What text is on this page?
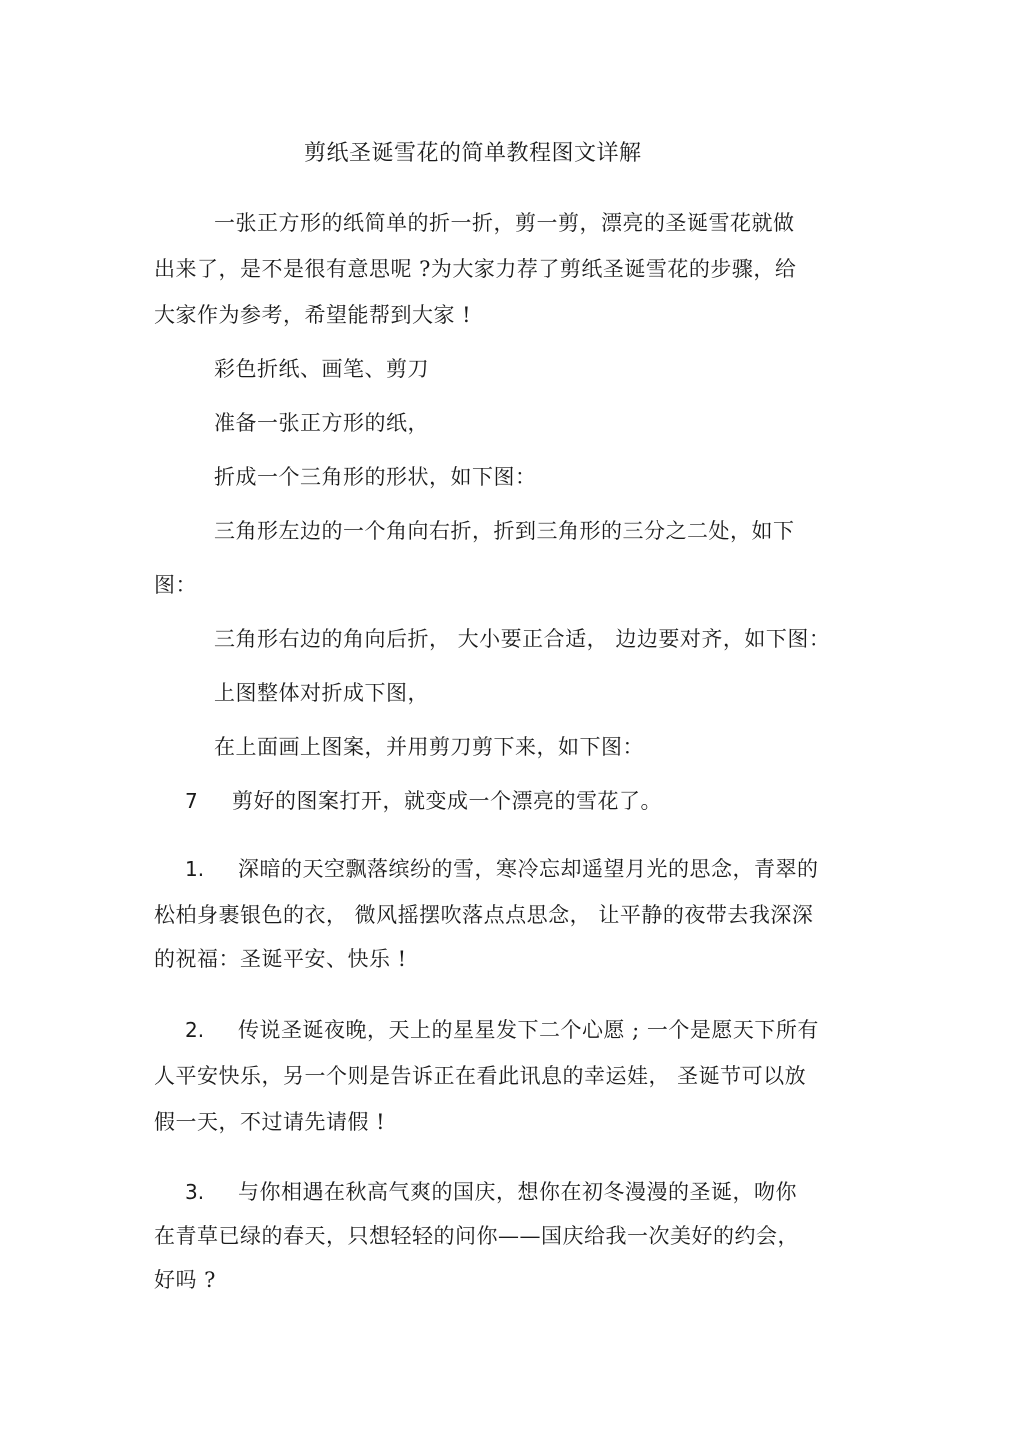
剪纸圣诞雪花的简单教程图文详解
一张正方形的纸简单的折一折，剪一剪，漂亮的圣诞雪花就做
出来了，是不是很有意思呢 ?为大家力荐了剪纸圣诞雪花的步骤，给
大家作为参考，希望能帮到大家 !
彩色折纸、画笔、剪刀
准备一张正方形的纸，
折成一个三角形的形状，如下图：
三角形左边的一个角向右折，折到三角形的三分之二处，如下
图：
三角形右边的角向后折， 大小要正合适， 边边要对齐，如下图：
上图整体对折成下图，
在上面画上图案，并用剪刀剪下来，如下图：
7 剪好的图案打开，就变成一个漂亮的雪花了。
1. 深暗的天空飘落缤纷的雪，寒冷忘却遥望月光的思念，青翠的
松柏身裹银色的衣， 微风摇摆吹落点点思念， 让平静的夜带去我深深
的祝福：圣诞平安、快乐 !
2. 传说圣诞夜晚，天上的星星发下二个心愿 ; 一个是愿天下所有
人平安快乐，另一个则是告诉正在看此讯息的幸运娃， 圣诞节可以放
假一天，不过请先请假 !
3. 与你相遇在秋高气爽的国庆，想你在初冬漫漫的圣诞，吻你
在青草已绿的春天，只想轻轻的问你——国庆给我一次美好的约会，
好吗 ?
